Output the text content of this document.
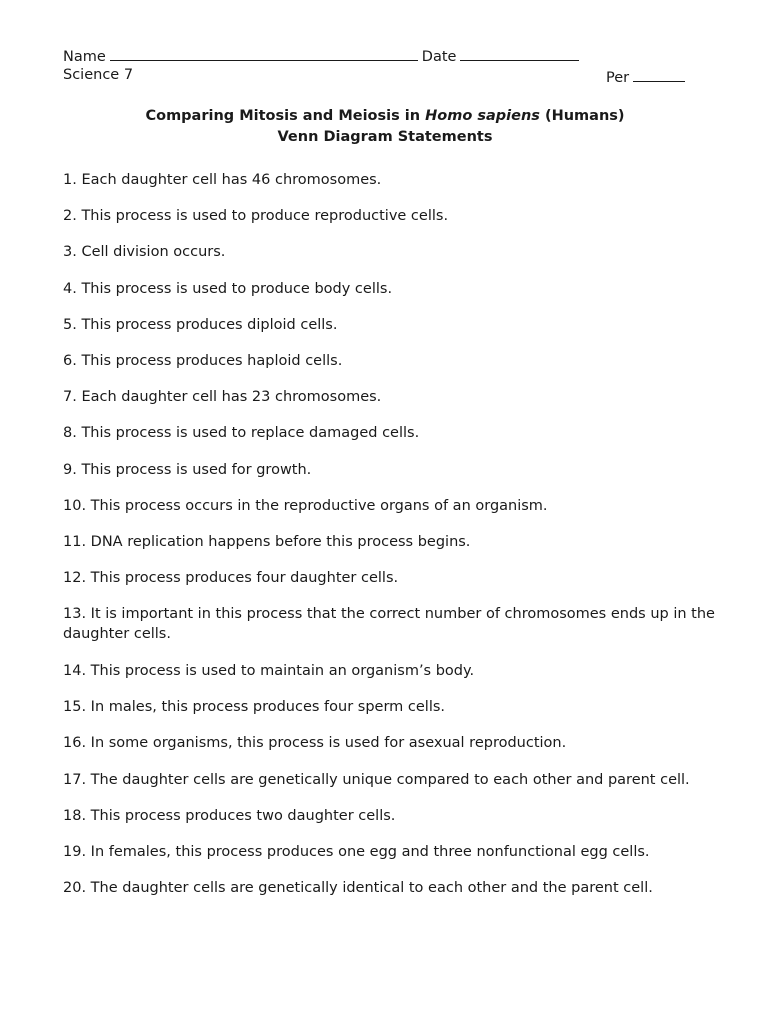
Name	Date
Science 7	Per
Comparing Mitosis and Meiosis in Homo sapiens (Humans)
Venn Diagram Statements
1. Each daughter cell has 46 chromosomes.
2. This process is used to produce reproductive cells.
3. Cell division occurs.
4. This process is used to produce body cells.
5. This process produces diploid cells.
6. This process produces haploid cells.
7. Each daughter cell has 23 chromosomes.
8. This process is used to replace damaged cells.
9. This process is used for growth.
10. This process occurs in the reproductive organs of an organism.
11. DNA replication happens before this process begins.
12. This process produces four daughter cells.
13. It is important in this process that the correct number of chromosomes ends up in the daughter cells.
14. This process is used to maintain an organism’s body.
15. In males, this process produces four sperm cells.
16. In some organisms, this process is used for asexual reproduction.
17. The daughter cells are genetically unique compared to each other and parent cell.
18. This process produces two daughter cells.
19. In females, this process produces one egg and three nonfunctional egg cells.
20. The daughter cells are genetically identical to each other and the parent cell.
